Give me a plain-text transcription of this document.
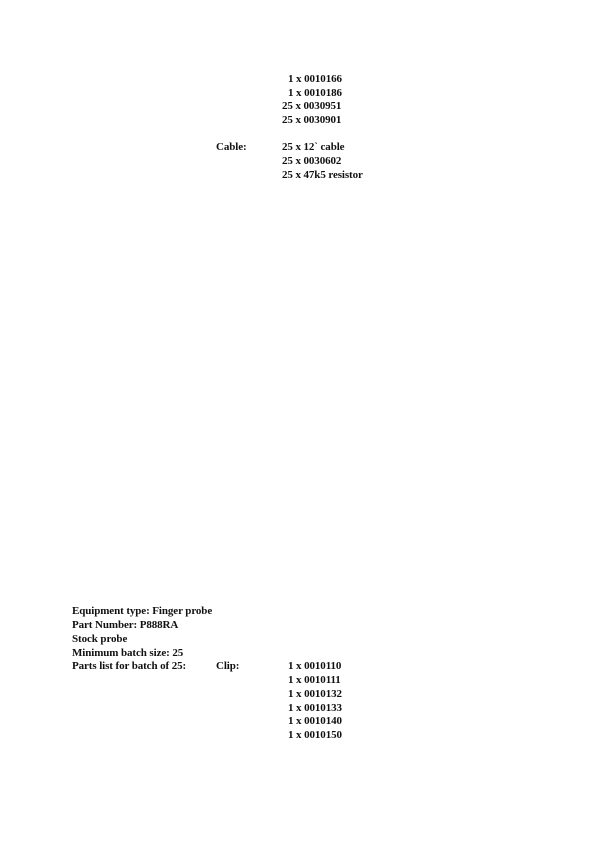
1 x 0010166
1 x 0010186
25 x 0030951
25 x 0030901
Cable:	25 x 12` cable
25 x 0030602
25 x 47k5 resistor
Equipment type: Finger probe
Part Number: P888RA
Stock probe
Minimum batch size: 25
Parts list for batch of 25:	Clip:	1 x 0010110
1 x 0010111
1 x 0010132
1 x 0010133
1 x 0010140
1 x 0010150
